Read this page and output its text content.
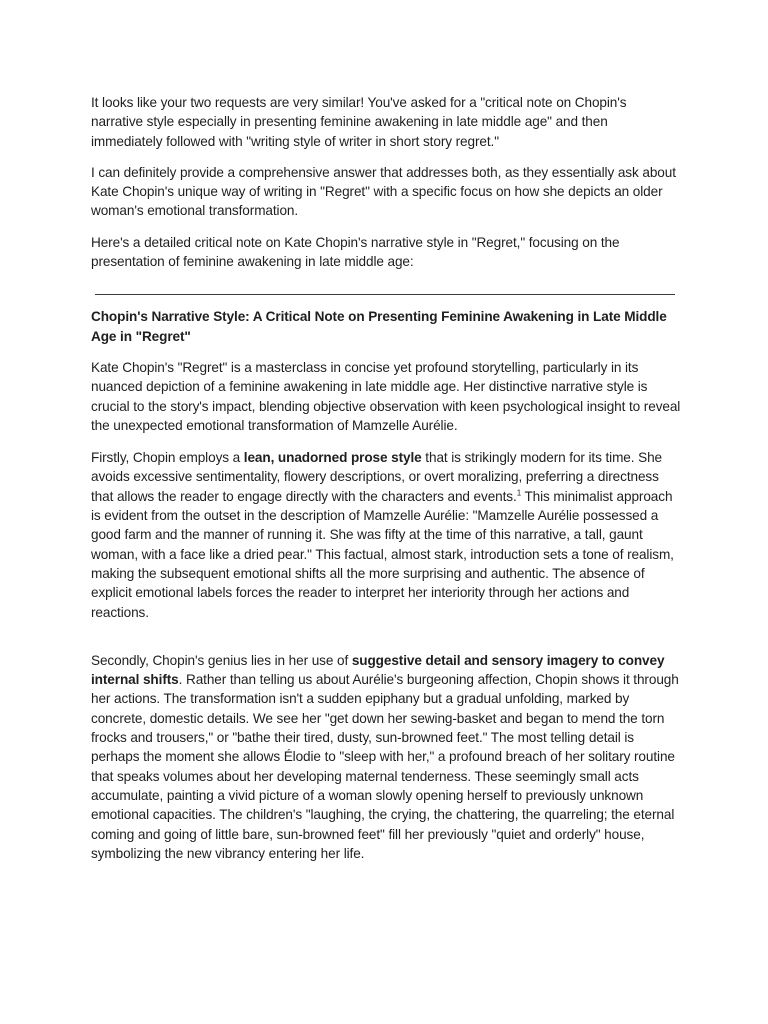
It looks like your two requests are very similar! You've asked for a "critical note on Chopin's narrative style especially in presenting feminine awakening in late middle age" and then immediately followed with "writing style of writer in short story regret."

I can definitely provide a comprehensive answer that addresses both, as they essentially ask about Kate Chopin's unique way of writing in "Regret" with a specific focus on how she depicts an older woman's emotional transformation.

Here's a detailed critical note on Kate Chopin's narrative style in "Regret," focusing on the presentation of feminine awakening in late middle age:

Chopin's Narrative Style: A Critical Note on Presenting Feminine Awakening in Late Middle Age in "Regret"

Kate Chopin's "Regret" is a masterclass in concise yet profound storytelling, particularly in its nuanced depiction of a feminine awakening in late middle age. Her distinctive narrative style is crucial to the story's impact, blending objective observation with keen psychological insight to reveal the unexpected emotional transformation of Mamzelle Aurélie.

Firstly, Chopin employs a lean, unadorned prose style that is strikingly modern for its time. She avoids excessive sentimentality, flowery descriptions, or overt moralizing, preferring a directness that allows the reader to engage directly with the characters and events.$^1$ This minimalist approach is evident from the outset in the description of Mamzelle Aurélie: "Mamzelle Aurélie possessed a good farm and the manner of running it. She was fifty at the time of this narrative, a tall, gaunt woman, with a face like a dried pear." This factual, almost stark, introduction sets a tone of realism, making the subsequent emotional shifts all the more surprising and authentic. The absence of explicit emotional labels forces the reader to interpret her interiority through her actions and reactions.

Secondly, Chopin's genius lies in her use of suggestive detail and sensory imagery to convey internal shifts. Rather than telling us about Aurélie's burgeoning affection, Chopin shows it through her actions. The transformation isn't a sudden epiphany but a gradual unfolding, marked by concrete, domestic details. We see her "get down her sewing-basket and began to mend the torn frocks and trousers," or "bathe their tired, dusty, sun-browned feet." The most telling detail is perhaps the moment she allows Élodie to "sleep with her," a profound breach of her solitary routine that speaks volumes about her developing maternal tenderness. These seemingly small acts accumulate, painting a vivid picture of a woman slowly opening herself to previously unknown emotional capacities. The children's "laughing, the crying, the chattering, the quarreling; the eternal coming and going of little bare, sun-browned feet" fill her previously "quiet and orderly" house, symbolizing the new vibrancy entering her life.
